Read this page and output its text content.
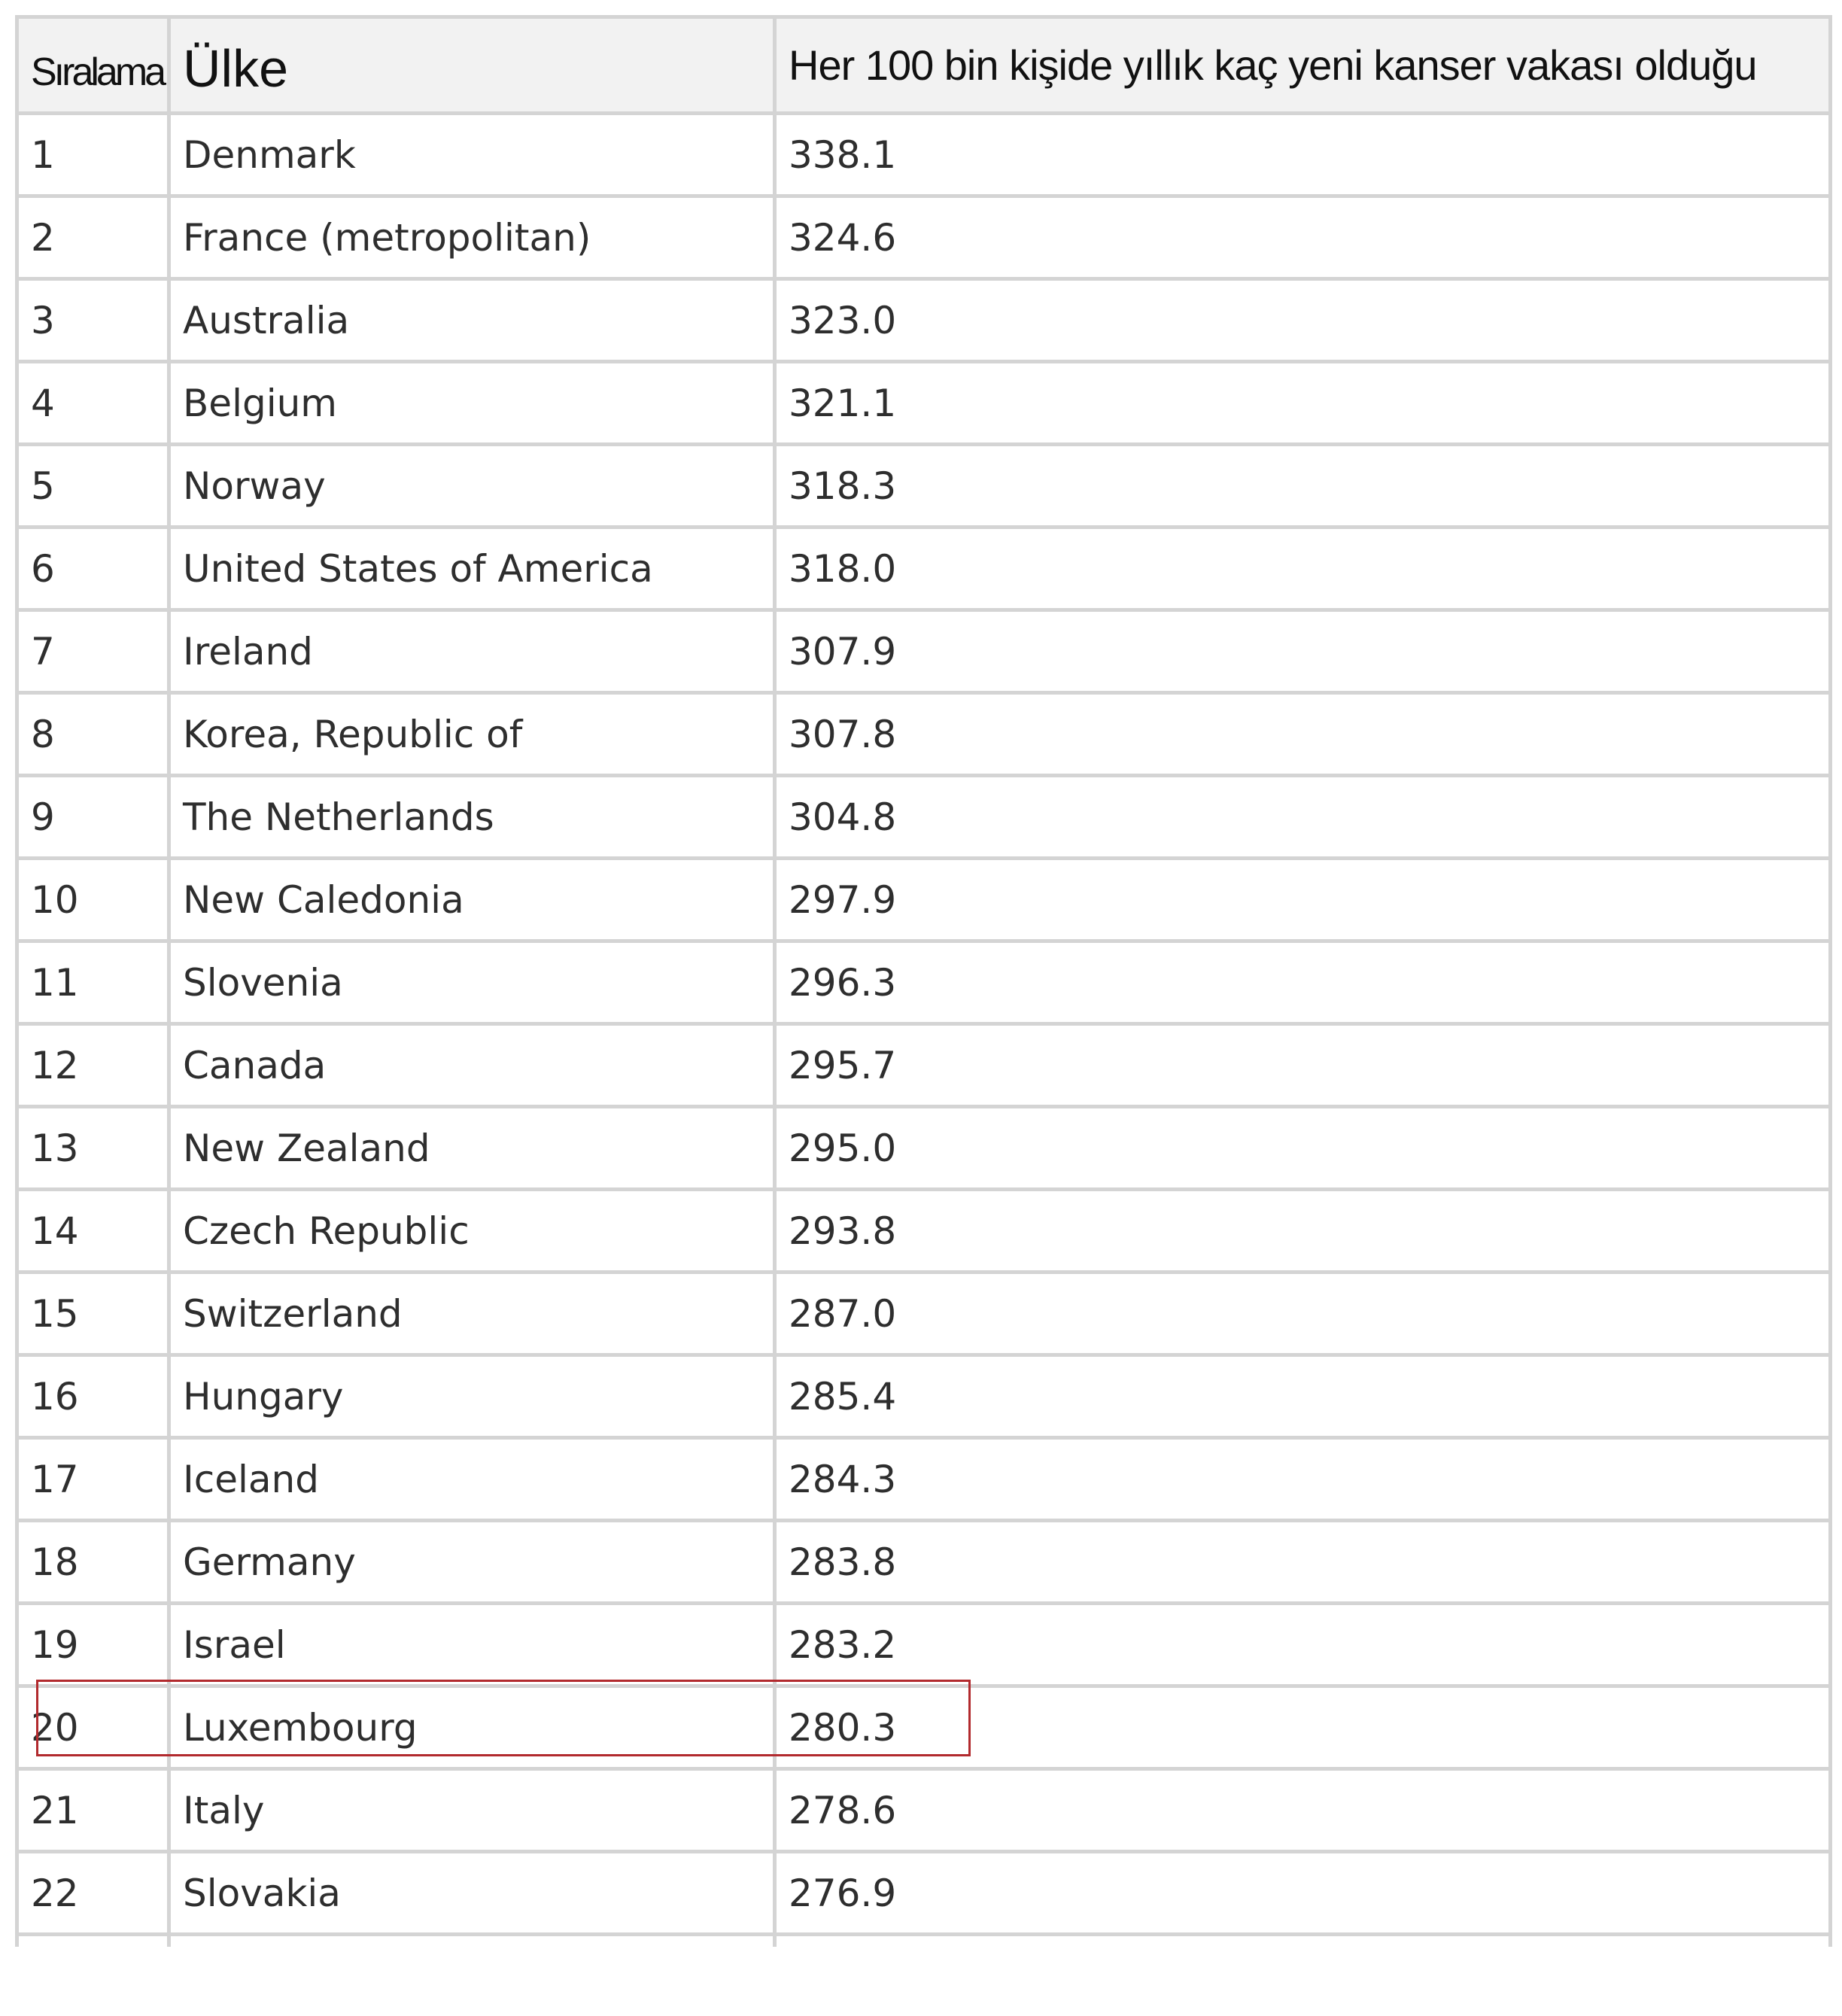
Sıralama	Ülke	Her 100 bin kişide yıllık kaç yeni kanser vakası olduğu
1	Denmark	338.1
2	France (metropolitan)	324.6
3	Australia	323.0
4	Belgium	321.1
5	Norway	318.3
6	United States of America	318.0
7	Ireland	307.9
8	Korea, Republic of	307.8
9	The Netherlands	304.8
10	New Caledonia	297.9
11	Slovenia	296.3
12	Canada	295.7
13	New Zealand	295.0
14	Czech Republic	293.8
15	Switzerland	287.0
16	Hungary	285.4
17	Iceland	284.3
18	Germany	283.8
19	Israel	283.2
20	Luxembourg	280.3
21	Italy	278.6
22	Slovakia	276.9
